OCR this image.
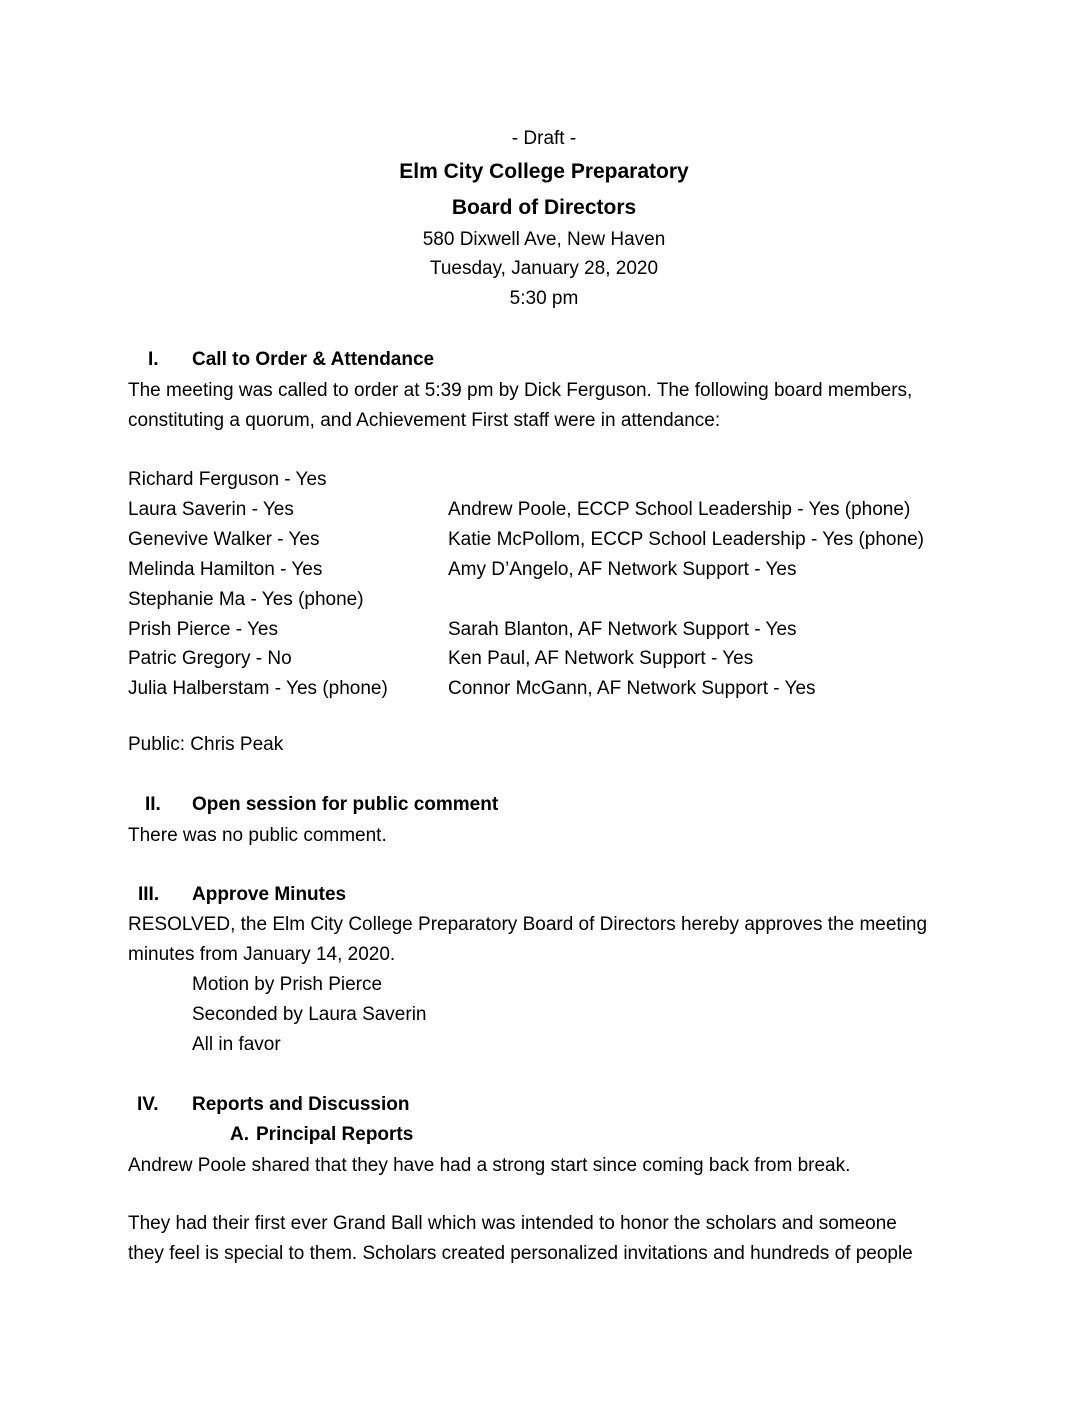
- Draft -
Elm City College Preparatory
Board of Directors
580 Dixwell Ave, New Haven
Tuesday, January 28, 2020
5:30 pm
I. Call to Order & Attendance
The meeting was called to order at 5:39 pm by Dick Ferguson. The following board members,
constituting a quorum, and Achievement First staff were in attendance:
Richard Ferguson - Yes
Laura Saverin - Yes
Genevive Walker - Yes
Melinda Hamilton - Yes
Stephanie Ma - Yes (phone)
Prish Pierce - Yes
Patric Gregory - No
Julia Halberstam - Yes (phone)
Andrew Poole, ECCP School Leadership - Yes (phone)
Katie McPollom, ECCP School Leadership - Yes (phone)
Amy D’Angelo, AF Network Support - Yes
Sarah Blanton, AF Network Support - Yes
Ken Paul, AF Network Support - Yes
Connor McGann, AF Network Support - Yes
Public: Chris Peak
II. Open session for public comment
There was no public comment.
III. Approve Minutes
RESOLVED, the Elm City College Preparatory Board of Directors hereby approves the meeting
minutes from January 14, 2020.
Motion by Prish Pierce
Seconded by Laura Saverin
All in favor
IV. Reports and Discussion
A. Principal Reports
Andrew Poole shared that they have had a strong start since coming back from break.
They had their first ever Grand Ball which was intended to honor the scholars and someone
they feel is special to them. Scholars created personalized invitations and hundreds of people
